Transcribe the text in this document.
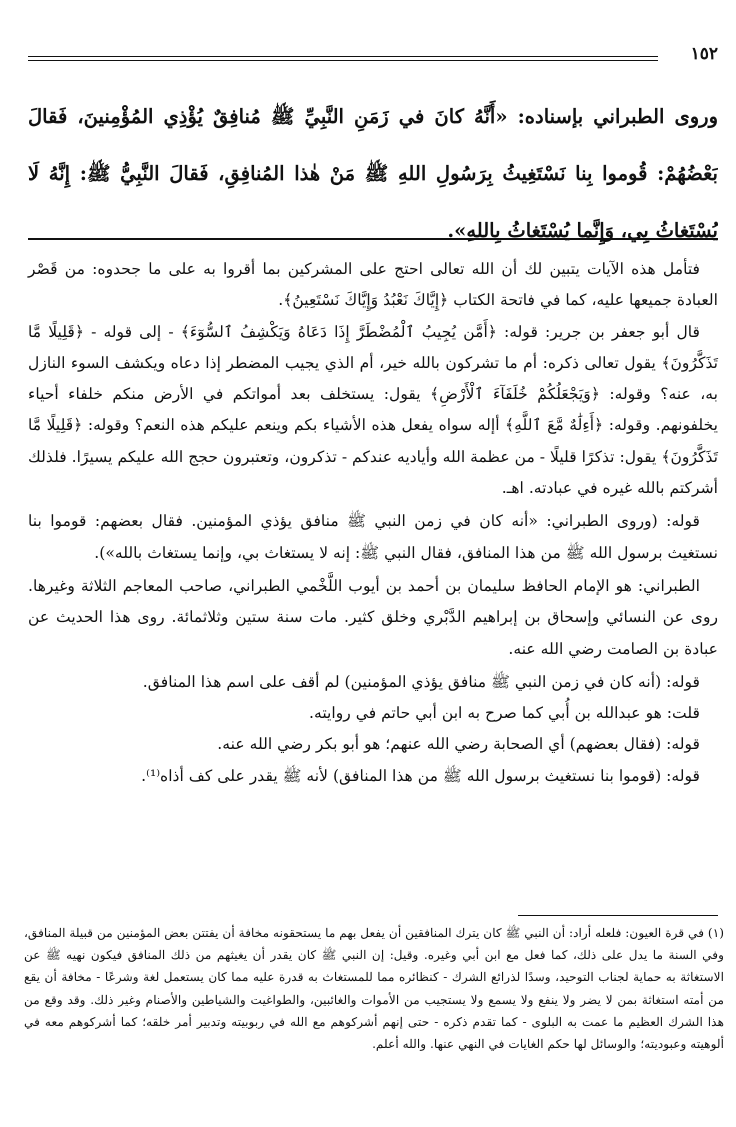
١٥٢
وروى الطبراني بإسناده: «أَنَّهُ كانَ في زَمَنِ النَّبِيِّ ﷺ مُنافِقٌ يُؤْذِي المُؤْمِنينَ، فَقالَ
بَعْضُهُمْ: قُوموا بِنا نَسْتَغِيثُ بِرَسُولِ اللهِ ﷺ مَنْ هٰذا المُنافِقِ، فَقالَ النَّبِيُّ ﷺ: إِنَّهُ لَا
يُسْتَغاثُ بِي، وَإِنَّما يُسْتَغاثُ بِاللهِ».

فتأمل هذه الآيات يتبين لك أن الله تعالى احتج على المشركين بما أقروا به على ما جحدوه: من قَصْر العبادة جميعها عليه، كما في فاتحة الكتاب ﴿إِيَّاكَ نَعْبُدُ وَإِيَّاكَ نَسْتَعِينُ﴾.

قال أبو جعفر بن جرير: قوله: ﴿أَمَّن يُجِيبُ ٱلْمُضْطَرَّ إِذَا دَعَاهُ وَيَكْشِفُ ٱلسُّوٓءَ﴾ - إلى قوله - ﴿قَلِيلًا مَّا تَذَكَّرُونَ﴾ يقول تعالى ذكره: أم ما تشركون بالله خير، أم الذي يجيب المضطر إذا دعاه ويكشف السوء النازل به، عنه؟ وقوله: ﴿وَيَجْعَلُكُمْ خُلَفَآءَ ٱلْأَرْضِ﴾ يقول: يستخلف بعد أمواتكم في الأرض منكم خلفاء أحياء يخلفونهم. وقوله: ﴿أَءِلَٰهٌ مَّعَ ٱللَّهِ﴾ أإله سواه يفعل هذه الأشياء بكم وينعم عليكم هذه النعم؟ وقوله: ﴿قَلِيلًا مَّا تَذَكَّرُونَ﴾ يقول: تذكرًا قليلًا - من عظمة الله وأياديه عندكم - تذكرون، وتعتبرون حجج الله عليكم يسيرًا. فلذلك أشركتم بالله غيره في عبادته. اهـ.

قوله: (وروى الطبراني: «أنه كان في زمن النبي ﷺ منافق يؤذي المؤمنين. فقال بعضهم: قوموا بنا نستغيث برسول الله ﷺ من هذا المنافق، فقال النبي ﷺ: إنه لا يستغاث بي، وإنما يستغاث بالله»).

الطبراني: هو الإمام الحافظ سليمان بن أحمد بن أيوب اللَّخْمي الطبراني، صاحب المعاجم الثلاثة وغيرها. روى عن النسائي وإسحاق بن إبراهيم الدَّبْري وخلق كثير. مات سنة ستين وثلاثمائة. روى هذا الحديث عن عبادة بن الصامت رضي الله عنه.

قوله: (أنه كان في زمن النبي ﷺ منافق يؤذي المؤمنين) لم أقف على اسم هذا المنافق.

قلت: هو عبدالله بن أُبي كما صرح به ابن أبي حاتم في روايته.

قوله: (فقال بعضهم) أي الصحابة رضي الله عنهم؛ هو أبو بكر رضي الله عنه.

قوله: (قوموا بنا نستغيث برسول الله ﷺ من هذا المنافق) لأنه ﷺ يقدر على كف أذاه⁽¹⁾.

(١) في قرة العيون: فلعله أراد: أن النبي ﷺ كان يترك المنافقين أن يفعل بهم ما يستحقونه مخافة أن يفتتن بعض المؤمنين من قبيلة المنافق، وفي السنة ما يدل على ذلك، كما فعل مع ابن أبي وغيره. وقيل: إن النبي ﷺ كان يقدر أن يغيثهم من ذلك المنافق فيكون نهيه ﷺ عن الاستغاثة به حماية لجناب التوحيد، وسدًا لذرائع الشرك - كنظائره مما للمستغاث به قدرة عليه مما كان يستعمل لغة وشرعًا - مخافة أن يقع من أمته استغاثة بمن لا يضر ولا ينفع ولا يسمع ولا يستجيب من الأموات والغائبين، والطواغيت والشياطين والأصنام وغير ذلك. وقد وقع من هذا الشرك العظيم ما عمت به البلوى - كما تقدم ذكره - حتى إنهم أشركوهم مع الله في ربوبيته وتدبير أمر خلقه؛ كما أشركوهم معه في ألوهيته وعبوديته؛ والوسائل لها حكم الغايات في النهي عنها. والله أعلم.
